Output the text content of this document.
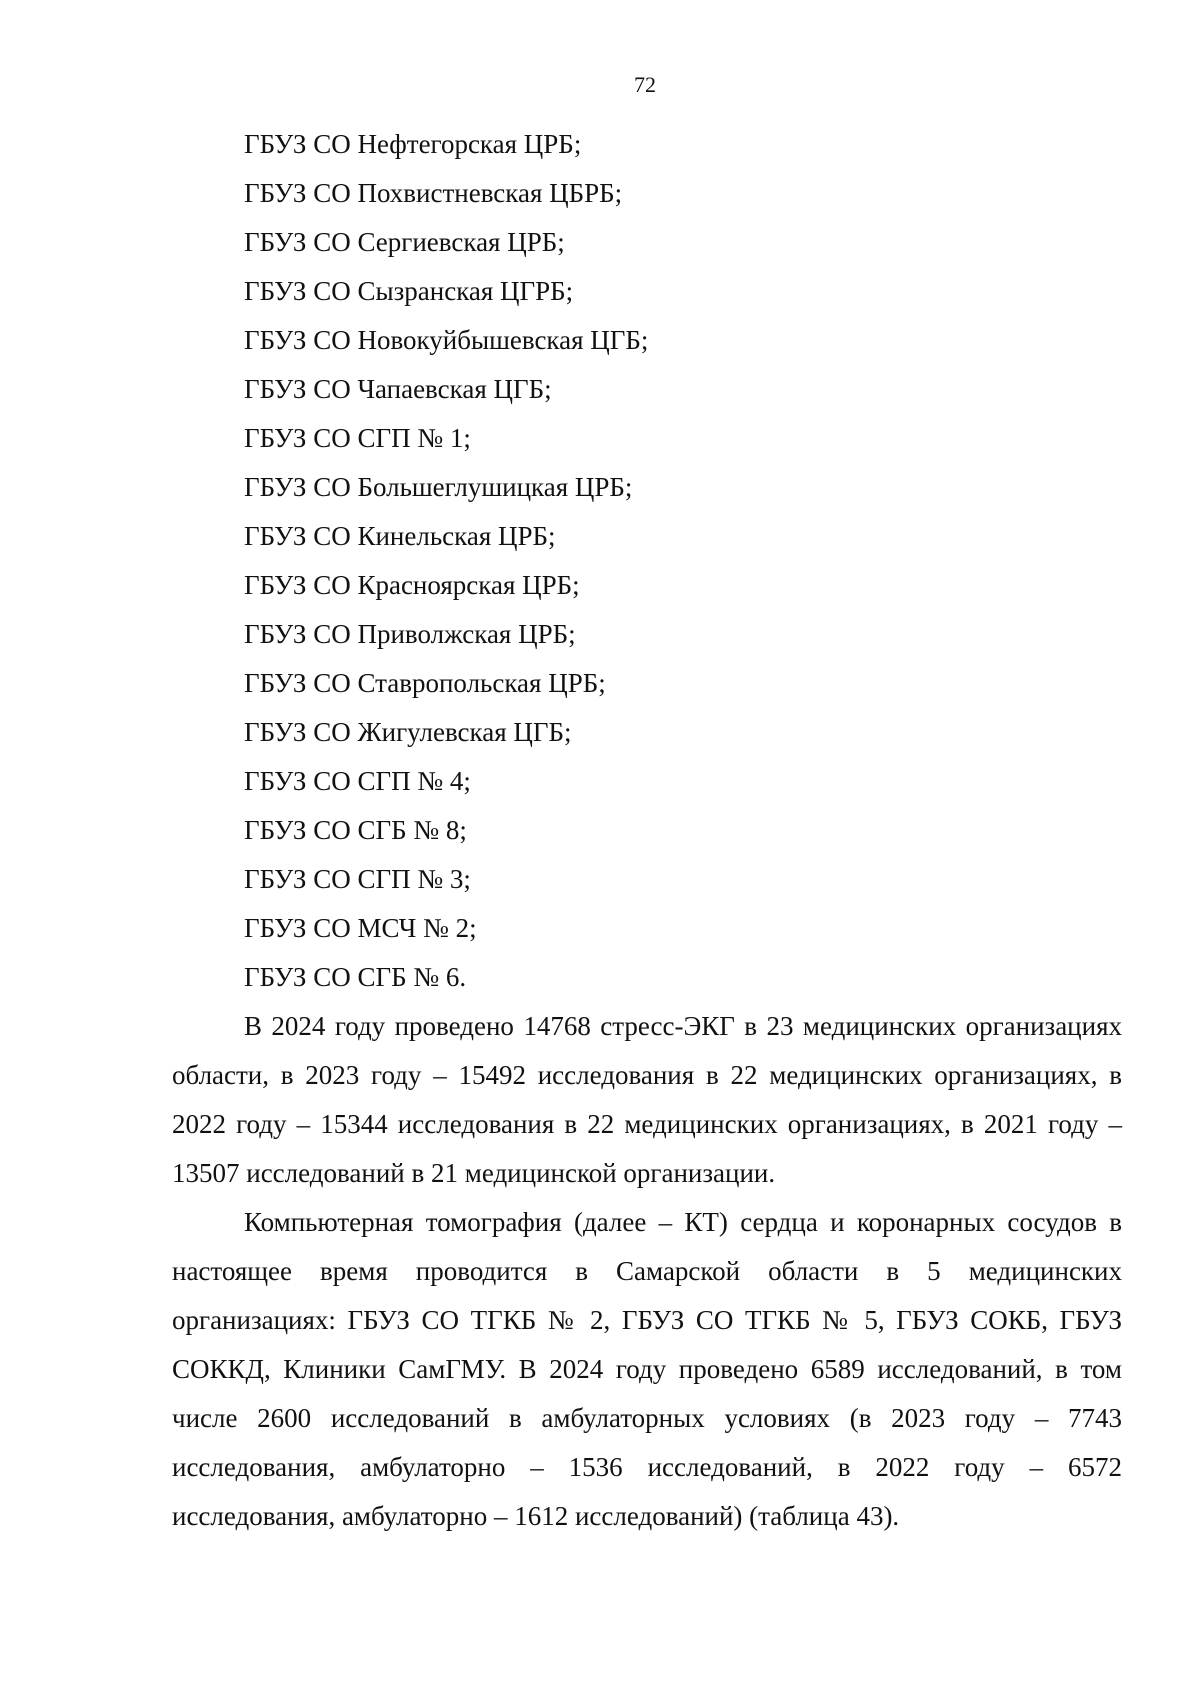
72
ГБУЗ СО Нефтегорская ЦРБ;
ГБУЗ СО Похвистневская ЦБРБ;
ГБУЗ СО Сергиевская ЦРБ;
ГБУЗ СО Сызранская ЦГРБ;
ГБУЗ СО Новокуйбышевская ЦГБ;
ГБУЗ СО Чапаевская ЦГБ;
ГБУЗ СО СГП № 1;
ГБУЗ СО Большеглушицкая ЦРБ;
ГБУЗ СО Кинельская ЦРБ;
ГБУЗ СО Красноярская ЦРБ;
ГБУЗ СО Приволжская ЦРБ;
ГБУЗ СО Ставропольская ЦРБ;
ГБУЗ СО Жигулевская ЦГБ;
ГБУЗ СО СГП № 4;
ГБУЗ СО СГБ № 8;
ГБУЗ СО СГП № 3;
ГБУЗ СО МСЧ № 2;
ГБУЗ СО СГБ № 6.

В 2024 году проведено 14768 стресс-ЭКГ в 23 медицинских организациях области, в 2023 году – 15492 исследования в 22 медицинских организациях, в 2022 году – 15344 исследования в 22 медицинских организациях, в 2021 году – 13507 исследований в 21 медицинской организации.

Компьютерная томография (далее – КТ) сердца и коронарных сосудов в настоящее время проводится в Самарской области в 5 медицинских организациях: ГБУЗ СО ТГКБ № 2, ГБУЗ СО ТГКБ № 5, ГБУЗ СОКБ, ГБУЗ СОККД, Клиники СамГМУ. В 2024 году проведено 6589 исследований, в том числе 2600 исследований в амбулаторных условиях (в 2023 году – 7743 исследования, амбулаторно – 1536 исследований, в 2022 году – 6572 исследования, амбулаторно – 1612 исследований) (таблица 43).
